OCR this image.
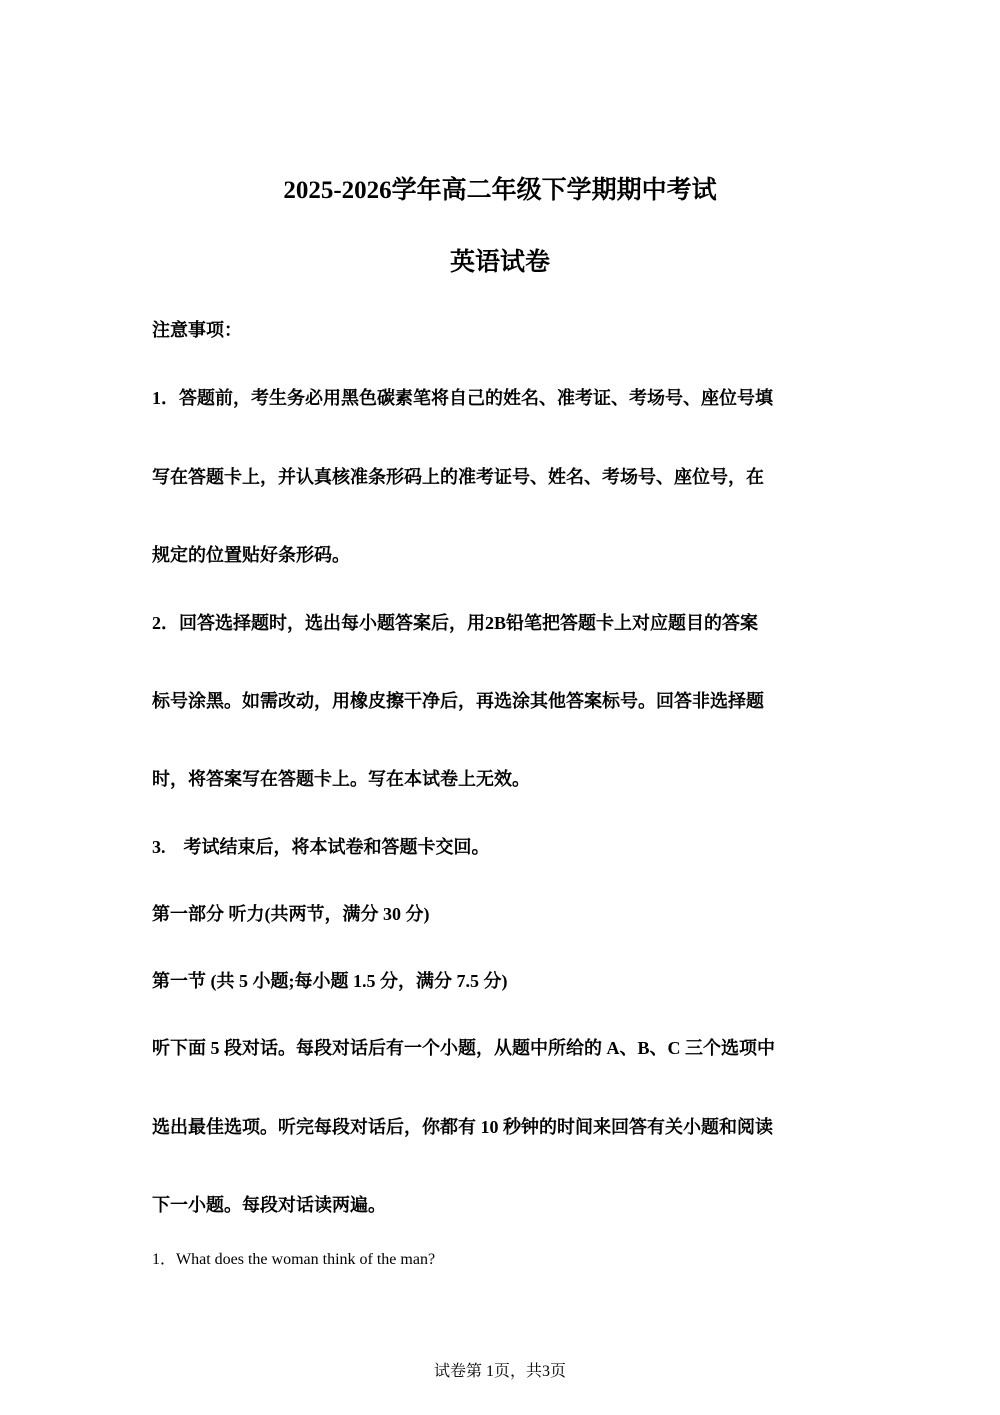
2025-2026学年高二年级下学期期中考试
英语试卷

注意事项：

1．答题前，考生务必用黑色碳素笔将自己的姓名、准考证、考场号、座位号填

写在答题卡上，并认真核准条形码上的准考证号、姓名、考场号、座位号，在

规定的位置贴好条形码。

2．回答选择题时，选出每小题答案后，用2B铅笔把答题卡上对应题目的答案

标号涂黑。如需改动，用橡皮擦干净后，再选涂其他答案标号。回答非选择题

时，将答案写在答题卡上。写在本试卷上无效。

3.　考试结束后，将本试卷和答题卡交回。

第一部分 听力(共两节，满分 30 分)

第一节 (共 5 小题;每小题 1.5 分，满分 7.5 分)

听下面 5 段对话。每段对话后有一个小题，从题中所给的 A、B、C 三个选项中

选出最佳选项。听完每段对话后，你都有 10 秒钟的时间来回答有关小题和阅读

下一小题。每段对话读两遍。

1．What does the woman think of the man?

试卷第 1页，共3页
